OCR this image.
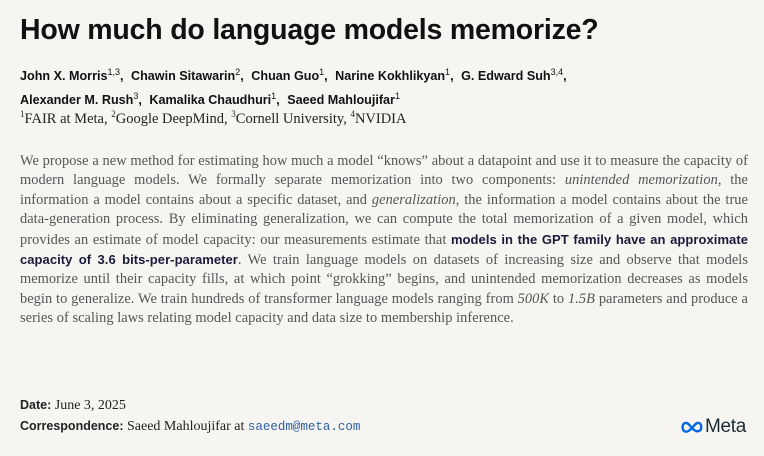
How much do language models memorize?
John X. Morris$^{1,3}$, Chawin Sitawarin$^2$, Chuan Guo$^1$, Narine Kokhlikyan$^1$, G. Edward Suh$^{3,4}$,
Alexander M. Rush$^3$, Kamalika Chaudhuri$^1$, Saeed Mahloujifar$^1$
$^1$FAIR at Meta, $^2$Google DeepMind, $^3$Cornell University, $^4$NVIDIA
We propose a new method for estimating how much a model “knows” about a datapoint and use it to measure the capacity of modern language models. We formally separate memorization into two components: unintended memorization, the information a model contains about a specific dataset, and generalization, the information a model contains about the true data-generation process. By eliminating generalization, we can compute the total memorization of a given model, which provides an estimate of model capacity: our measurements estimate that models in the GPT family have an approximate capacity of 3.6 bits-per-parameter. We train language models on datasets of increasing size and observe that models memorize until their capacity fills, at which point “grokking” begins, and unintended memorization decreases as models begin to generalize. We train hundreds of transformer language models ranging from 500K to 1.5B parameters and produce a series of scaling laws relating model capacity and data size to membership inference.
Date: June 3, 2025
Correspondence: Saeed Mahloujifar at saeedm@meta.com	Meta
